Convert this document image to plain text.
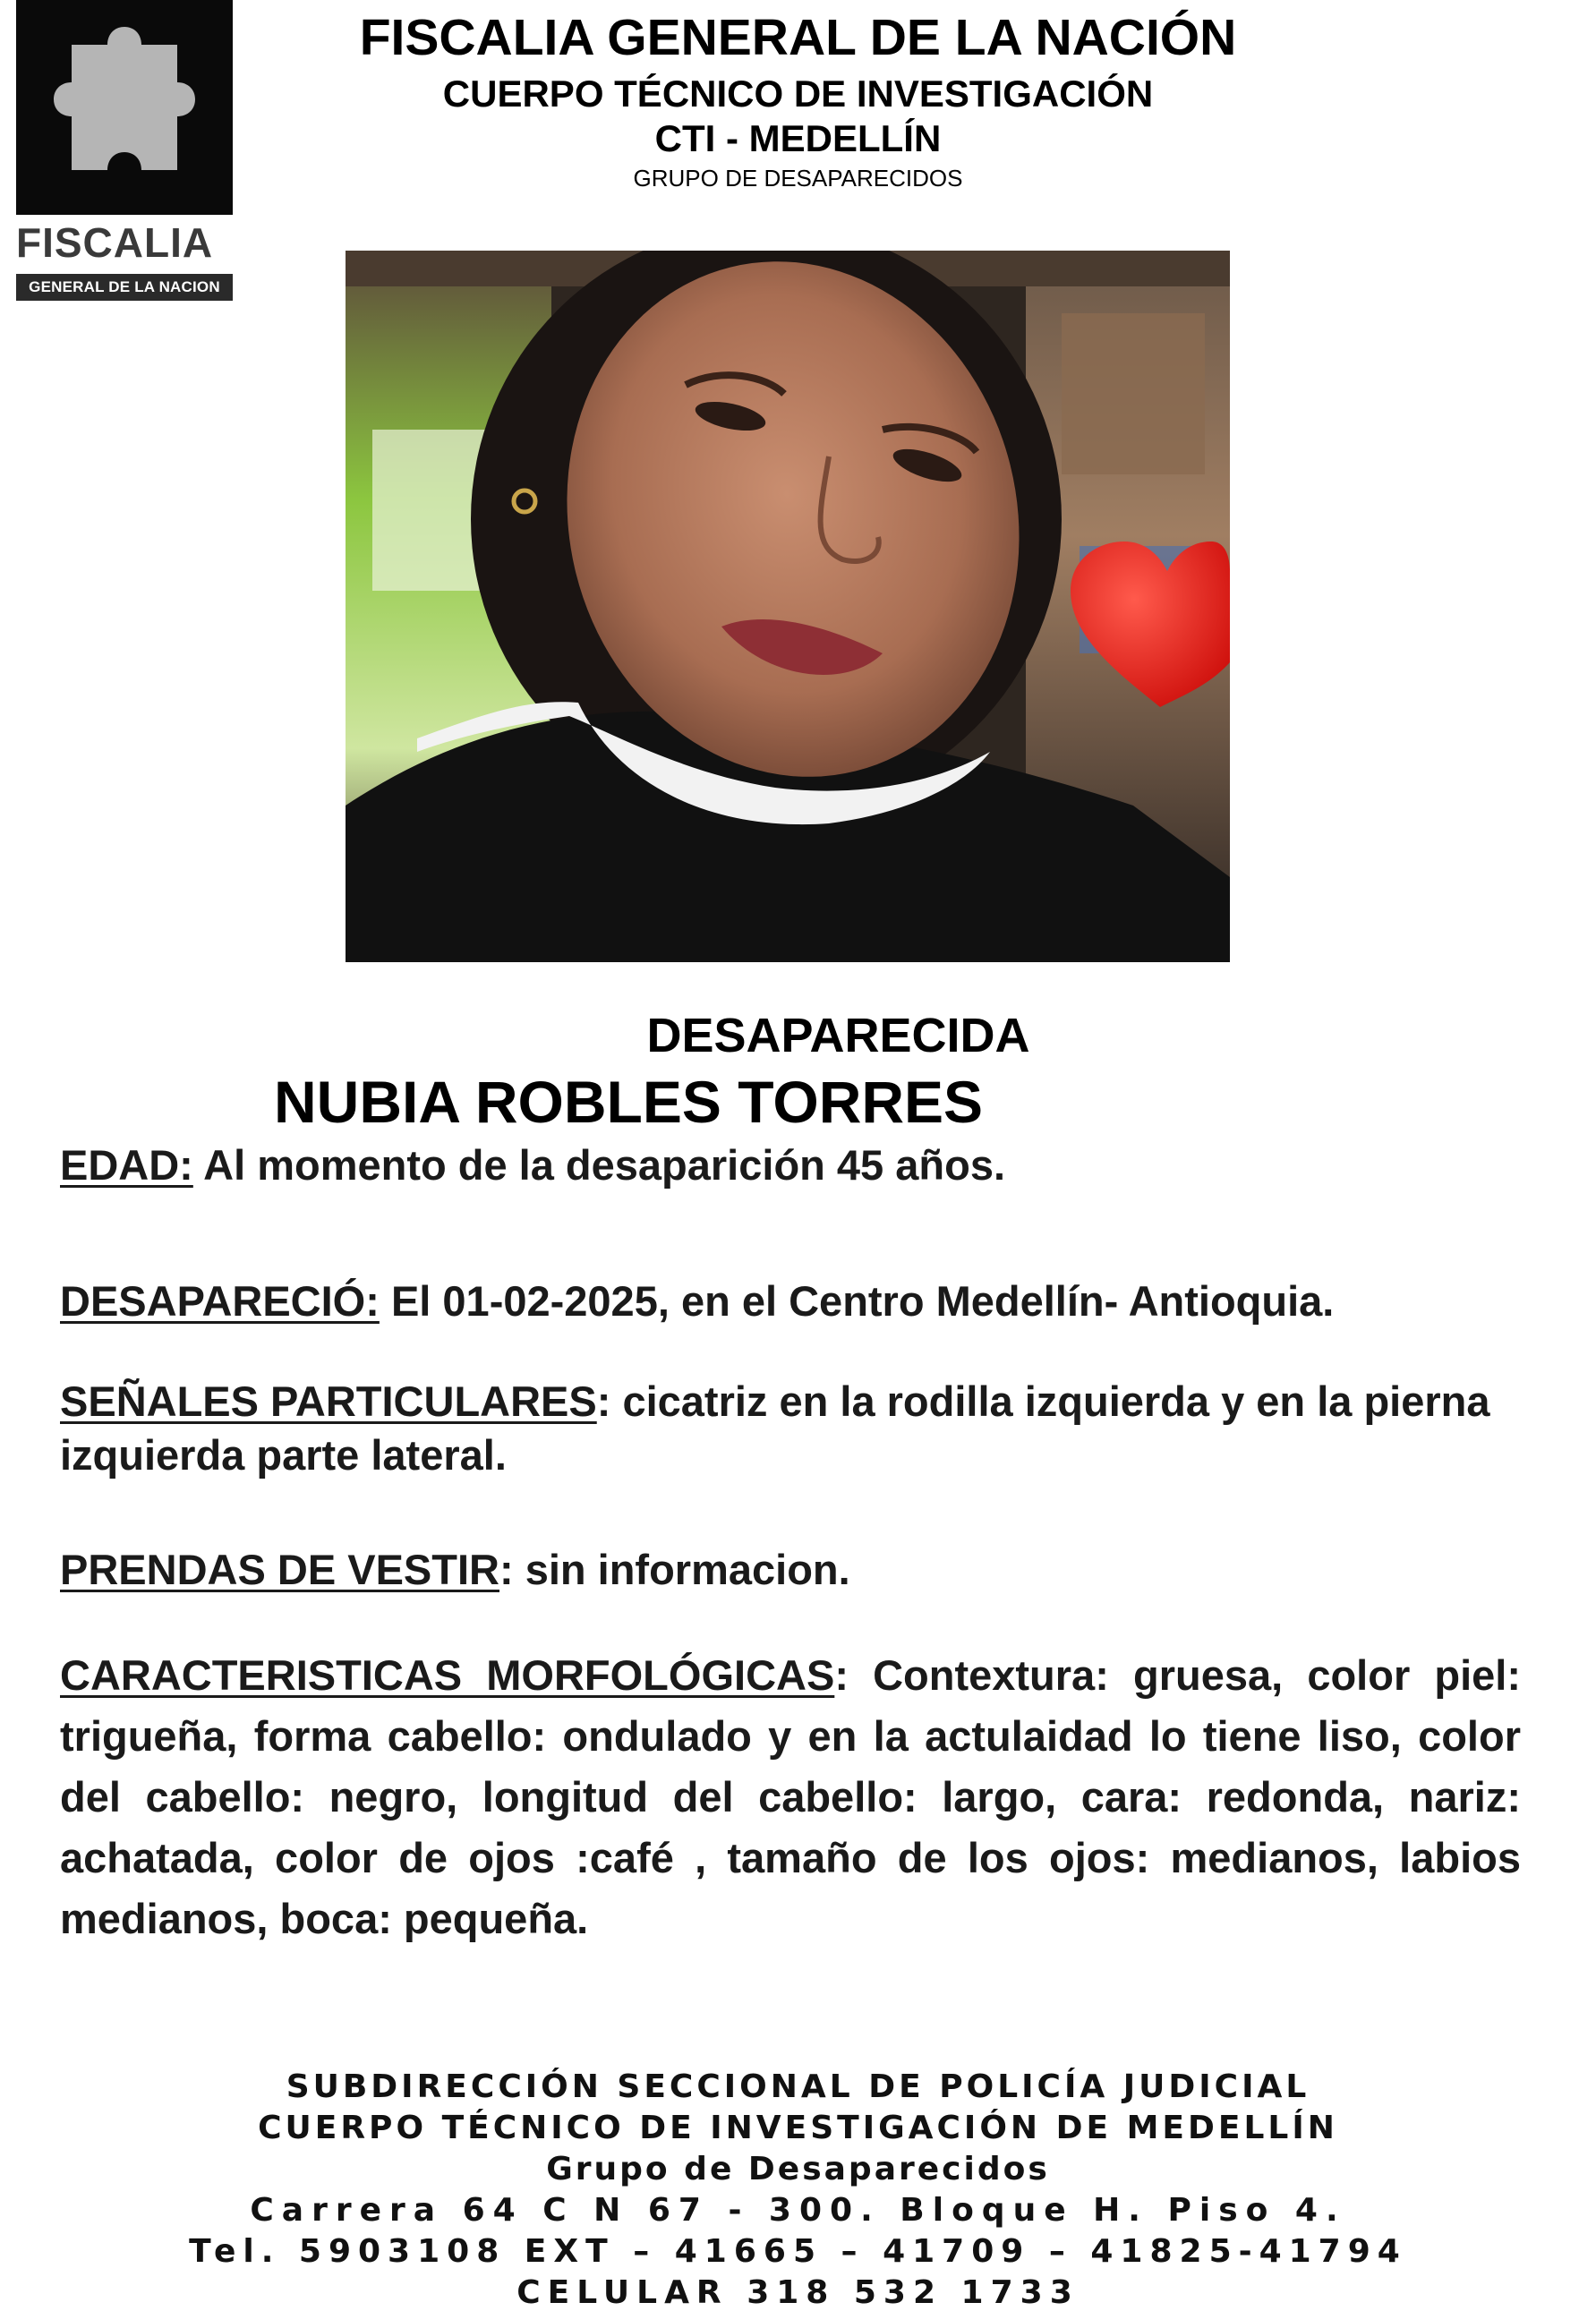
FISCALIA
GENERAL DE LA NACION
FISCALIA GENERAL DE LA NACIÓN
CUERPO TÉCNICO DE INVESTIGACIÓN
CTI - MEDELLÍN
GRUPO DE DESAPARECIDOS
DESAPARECIDA
NUBIA ROBLES TORRES
EDAD: Al momento de la desaparición 45 años.
DESAPARECIÓ: El 01-02-2025, en el Centro Medellín- Antioquia.
SEÑALES PARTICULARES: cicatriz en la rodilla izquierda y en la pierna izquierda parte lateral.
PRENDAS DE VESTIR: sin informacion.
CARACTERISTICAS MORFOLÓGICAS: Contextura: gruesa, color piel: trigueña, forma cabello: ondulado y en la actulaidad lo tiene liso, color del cabello: negro, longitud del cabello: largo, cara: redonda, nariz: achatada, color de ojos :café , tamaño de los ojos: medianos, labios medianos, boca: pequeña.
SUBDIRECCIÓN SECCIONAL DE POLICÍA JUDICIAL
CUERPO TÉCNICO DE INVESTIGACIÓN DE MEDELLÍN
Grupo de Desaparecidos
Carrera 64 C N 67 - 300. Bloque H. Piso 4.
Tel. 5903108 EXT – 41665 – 41709 – 41825-41794
CELULAR 318 532 1733
